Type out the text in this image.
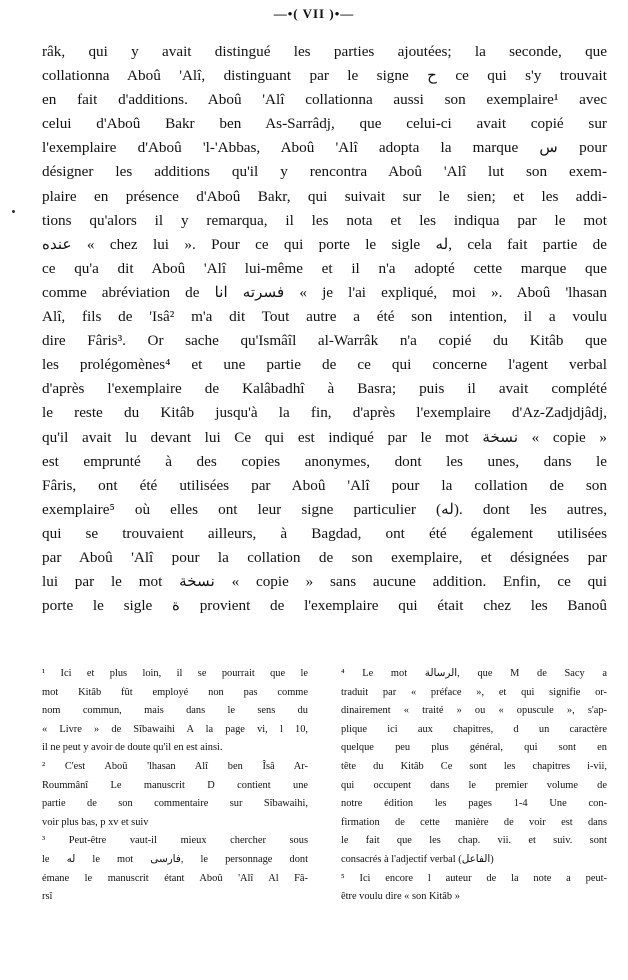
—•( VII )•—
râk, qui y avait distingué les parties ajoutées; la seconde, que
collationna Aboû 'Alî, distinguant par le signe ﺡ ce qui s'y trouvait
en fait d'additions. Aboû 'Alî collationna aussi son exemplaire¹ avec
celui d'Aboû Bakr ben As-Sarrâdj, que celui-ci avait copié sur
l'exemplaire d'Aboû 'l-'Abbas, Aboû 'Alî adopta la marque ﺱ pour
désigner les additions qu'il y rencontra Aboû 'Alî lut son exem-
plaire en présence d'Aboû Bakr, qui suivait sur le sien; et les addi-
tions qu'alors il y remarqua, il les nota et les indiqua par le mot
ﻋﻨﺪﻩ « chez lui ». Pour ce qui porte le sigle ﻟﻪ, cela fait partie de
ce qu'a dit Aboû 'Alî lui-même et il n'a adopté cette marque que
comme abréviation de ﻓﺴﺮﺗﻪ ﺍﻧﺎ « je l'ai expliqué, moi ». Aboû 'lhasan
Alî, fils de 'Isâ² m'a dit Tout autre a été son intention, il a voulu
dire Fâris³. Or sache qu'Ismâîl al-Warrâk n'a copié du Kitâb que
les prolégomènes⁴ et une partie de ce qui concerne l'agent verbal
d'après l'exemplaire de Kalâbadhî à Basra; puis il avait complété
le reste du Kitâb jusqu'à la fin, d'après l'exemplaire d'Az-Zadjdjâdj,
qu'il avait lu devant lui Ce qui est indiqué par le mot ﻧﺴﺨﺔ « copie »
est emprunté à des copies anonymes, dont les unes, dans le
Fâris, ont été utilisées par Aboû 'Alî pour la collation de son
exemplaire⁵ où elles ont leur signe particulier (ﻟﻪ). dont les autres,
qui se trouvaient ailleurs, à Bagdad, ont été également utilisées
par Aboû 'Alî pour la collation de son exemplaire, et désignées par
lui par le mot ﻧﺴﺨﺔ « copie » sans aucune addition. Enfin, ce qui
porte le sigle ﺓ provient de l'exemplaire qui était chez les Banoû
¹ Ici et plus loin, il se pourrait que le
mot Kitâb fût employé non pas comme
nom commun, mais dans le sens du
« Livre » de Sîbawaihi A la page vi, l 10,
il ne peut y avoir de doute qu'il en est ainsi.
² C'est Aboû 'lhasan Alî ben Îsâ Ar-
Roummânî Le manuscrit D contient une
partie de son commentaire sur Sîbawaihi,
voir plus bas, p xv et suiv
³ Peut-être vaut-il mieux chercher sous
le ﻟﻪ le mot ﻓﺎﺭﺳﻰ, le personnage dont
émane le manuscrit étant Aboû 'Alî Al Fâ-
rsî
⁴ Le mot ﺍﻟﺮﺳﺎﻟﺔ, que M de Sacy a
traduit par « préface », et qui signifie or-
dinairement « traité » ou « opuscule », s'ap-
plique ici aux chapitres, d un caractère
quelque peu plus général, qui sont en
tête du Kitâb Ce sont les chapitres i-vii,
qui occupent dans le premier volume de
notre édition les pages 1-4 Une con-
firmation de cette manière de voir est dans
le fait que les chap. vii. et suiv. sont
consacrés à l'adjectif verbal (ﺍﻟﻔﺎﻋﻞ)
⁵ Ici encore l auteur de la note a peut-
être voulu dire « son Kitâb »
